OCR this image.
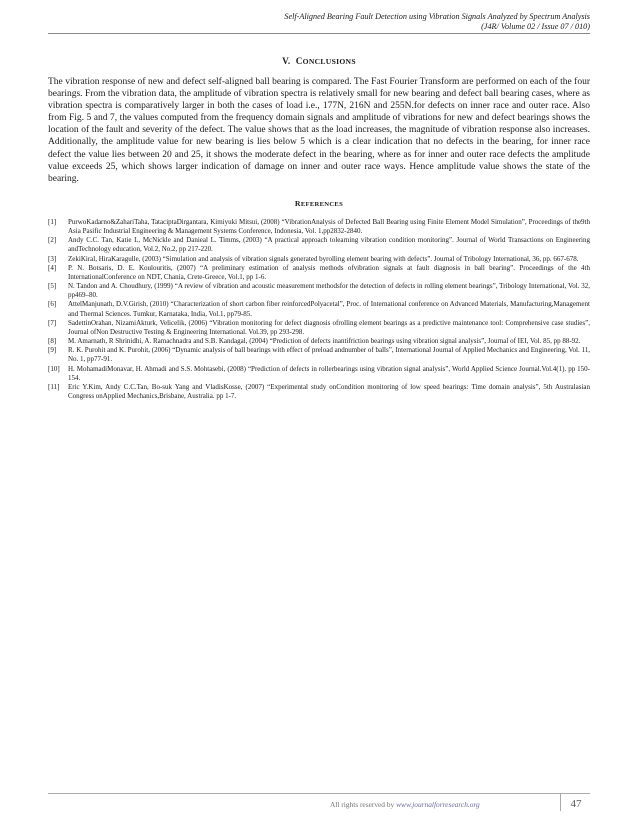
Self-Aligned Bearing Fault Detection using Vibration Signals Analyzed by Spectrum Analysis
(J4R/ Volume 02 / Issue 07 / 010)
V. CONCLUSIONS
The vibration response of new and defect self-aligned ball bearing is compared. The Fast Fourier Transform are performed on each of the four bearings. From the vibration data, the amplitude of vibration spectra is relatively small for new bearing and defect ball bearing cases, where as vibration spectra is comparatively larger in both the cases of load i.e., 177N, 216N and 255N.for defects on inner race and outer race. Also from Fig. 5 and 7, the values computed from the frequency domain signals and amplitude of vibrations for new and defect bearings shows the location of the fault and severity of the defect. The value shows that as the load increases, the magnitude of vibration response also increases. Additionally, the amplitude value for new bearing is lies below 5 which is a clear indication that no defects in the bearing, for inner race defect the value lies between 20 and 25, it shows the moderate defect in the bearing, where as for inner and outer race defects the amplitude value exceeds 25, which shows larger indication of damage on inner and outer race ways. Hence amplitude value shows the state of the bearing.
REFERENCES
[1]	PurwoKadarno&ZahariTaha, TataciptaDirgantara, Kimiyuki Mitsui, (2008) “VibrationAnalysis of Defected Ball Bearing using Finite Element Model Simulation”, Proceedings of the9th Asia Pasific Industrial Engineering & Management Systems Conference, Indonesia, Vol. 1,pp2832-2840.
[2]	Andy C.C. Tan, Katie L, McNickle and Danieal L. Timms, (2003) “A practical approach tolearning vibration condition monitoring”. Journal of World Transactions on Engineering andTechnology education, Vol.2, No.2, pp 217-220.
[3]	ZekiKiral, HiraKaragulle, (2003) “Simulation and analysis of vibration signals generated byrolling element bearing with defects”. Journal of Tribology International, 36, pp. 667-678.
[4]	P. N. Botsaris, D. E. Koulouritis, (2007) “A preliminary estimation of analysis methods ofvibration signals at fault diagnosis in ball bearing”. Proceedings of the 4th InternationalConference on NDT, Chania, Crete-Greece, Vol.1, pp 1-6.
[5]	N. Tandon and A. Choudhury, (1999) “A review of vibration and acoustic measurement methodsfor the detection of defects in rolling element bearings”, Tribology International, Vol. 32, pp469–80.
[6]	AttelManjunath, D.V.Girish, (2010) “Characterization of short carbon fiber reinforcedPolyacetal”, Proc. of International conference on Advanced Materials, Manufacturing,Management and Thermal Sciences. Tumkur, Karnataka, India, Vol.1, pp79-85.
[7]	SadettinOrahan, NizamiAkturk, Velicelik, (2006) “Vibration monitoring for defect diagnosis ofrolling element bearings as a predictive maintenance tool: Comprehensive case studies”, Journal ofNon Destructive Testing & Engineering International. Vol.39, pp 293-298.
[8]	M. Amarnath, R Shrinidhi, A. Ramachnadra and S.B. Kandagal, (2004) “Prediction of defects inantifriction bearings using vibration signal analysis”, Journal of IEI, Vol. 85, pp 88-92.
[9]	R. K. Purohit and K. Purohit, (2006) “Dynamic analysis of ball bearings with effect of preload andnumber of balls”, International Journal of Applied Mechanics and Engineering, Vol. 11, No. 1, pp77-91.
[10]	H. MohamadiMonavar, H. Ahmadi and S.S. Mohtasebi, (2008) “Prediction of defects in rollerbearings using vibration signal analysis”, World Applied Science Journal.Vol.4(1). pp 150-154.
[11]	Eric Y.Kim, Andy C.C.Tan, Bo-suk Yang and VladisKosse, (2007) “Experimental study onCondition monitoring of low speed bearings: Time domain analysis”, 5th Australasian Congress onApplied Mechanics,Brisbane, Australia. pp 1-7.
All rights reserved by www.journalforresearch.org	47
